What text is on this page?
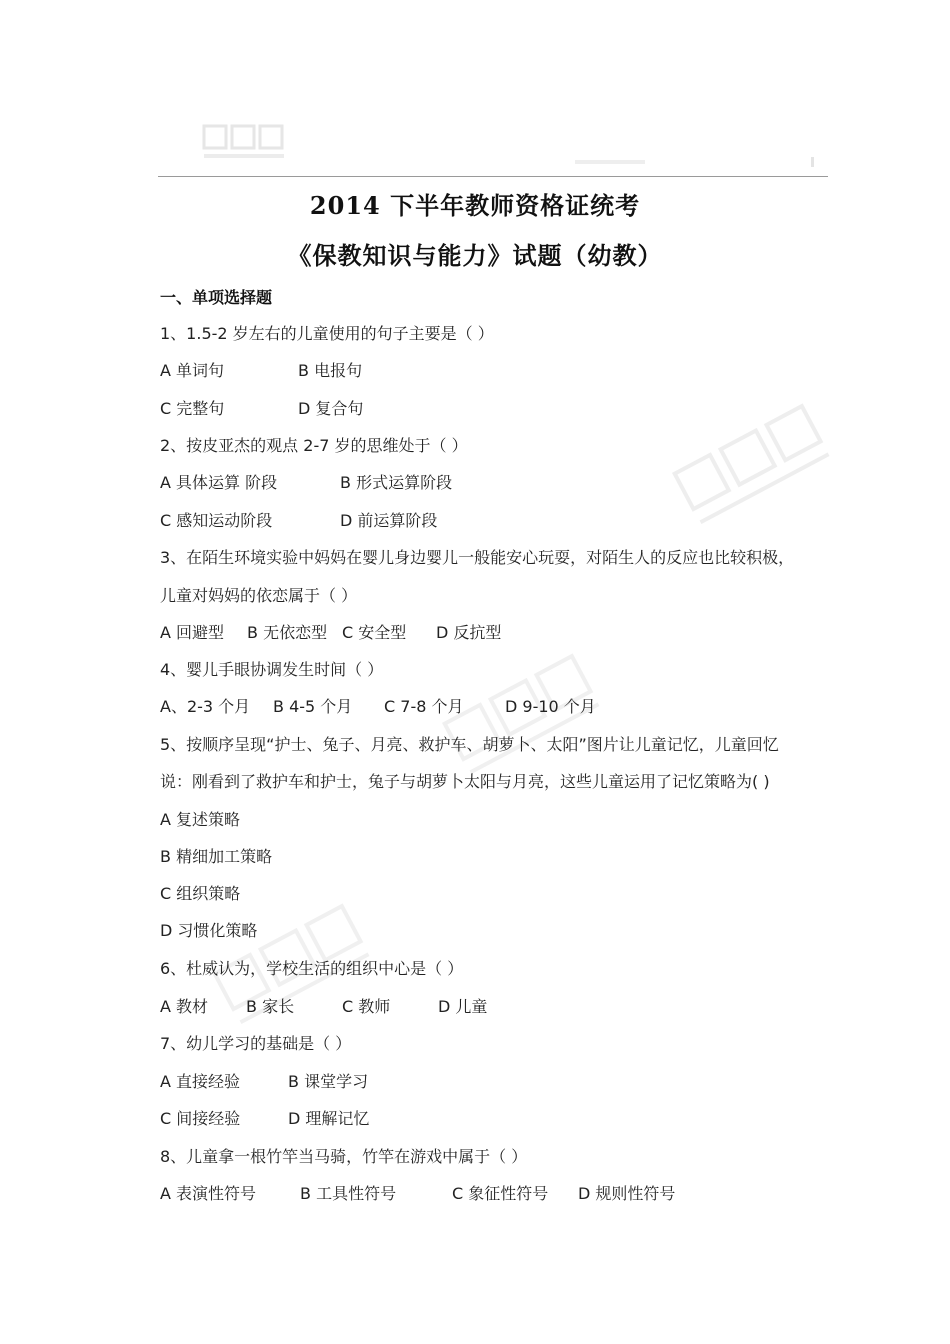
2014 下半年教师资格证统考
《保教知识与能力》试题（幼教）
一、单项选择题
1、1.5-2 岁左右的儿童使用的句子主要是（ ）
A 单词句	B 电报句
C 完整句	D 复合句
2、按皮亚杰的观点 2-7 岁的思维处于（ ）
A 具体运算 阶段	B 形式运算阶段
C 感知运动阶段	D 前运算阶段
3、在陌生环境实验中妈妈在婴儿身边婴儿一般能安心玩耍，对陌生人的反应也比较积极，
儿童对妈妈的依恋属于（ ）
A 回避型 B 无依恋型 C 安全型 D 反抗型
4、婴儿手眼协调发生时间（ ）
A、2-3 个月 B 4-5 个月 C 7-8 个月	D 9-10 个月
5、按顺序呈现“护士、兔子、月亮、救护车、胡萝卜、太阳”图片让儿童记忆，儿童回忆
说：刚看到了救护车和护士，兔子与胡萝卜太阳与月亮，这些儿童运用了记忆策略为( )
A 复述策略
B 精细加工策略
C 组织策略
D 习惯化策略
6、杜威认为，学校生活的组织中心是（ ）
A 教材 B 家长	C 教师	D 儿童
7、幼儿学习的基础是（ ）
A 直接经验	B 课堂学习
C 间接经验	D 理解记忆
8、儿童拿一根竹竿当马骑，竹竿在游戏中属于（ ）
A 表演性符号	B 工具性符号	C 象征性符号 D 规则性符号
